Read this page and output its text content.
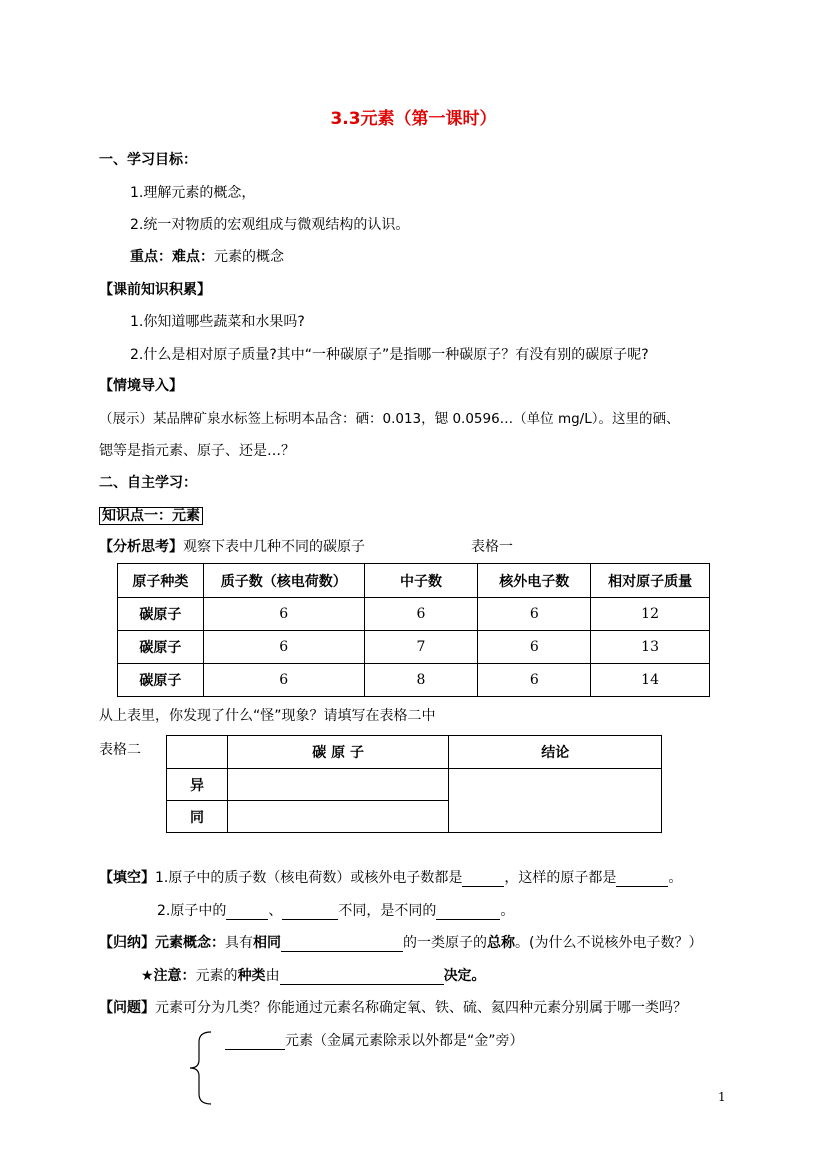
3.3元素（第一课时）
一、学习目标：
1.理解元素的概念，
2.统一对物质的宏观组成与微观结构的认识。
重点：难点：元素的概念
【课前知识积累】
1.你知道哪些蔬菜和水果吗?
2.什么是相对原子质量?其中“一种碳原子”是指哪一种碳原子？有没有别的碳原子呢?
【情境导入】
（展示）某品牌矿泉水标签上标明本品含：硒：0.013，锶 0.0596…（单位 mg/L）。这里的硒、
锶等是指元素、原子、还是…？
二、自主学习：
知识点一：元素
【分析思考】观察下表中几种不同的碳原子	表格一
原子种类	质子数（核电荷数）	中子数	核外电子数	相对原子质量
碳原子	6	6	6	12
碳原子	6	7	6	13
碳原子	6	8	6	14
从上表里，你发现了什么“怪”现象？请填写在表格二中
表格二
		碳 原 子	结论
异		
同		
【填空】1.原子中的质子数（核电荷数）或核外电子数都是	，这样的原子都是	。
2.原子中的	、	不同，是不同的	。
【归纳】元素概念：具有相同	的一类原子的总称。(为什么不说核外电子数？）
★注意：元素的种类由	决定。
【问题】元素可分为几类？你能通过元素名称确定氧、铁、硫、氦四种元素分别属于哪一类吗？
元素（金属元素除汞以外都是“金”旁）
1
